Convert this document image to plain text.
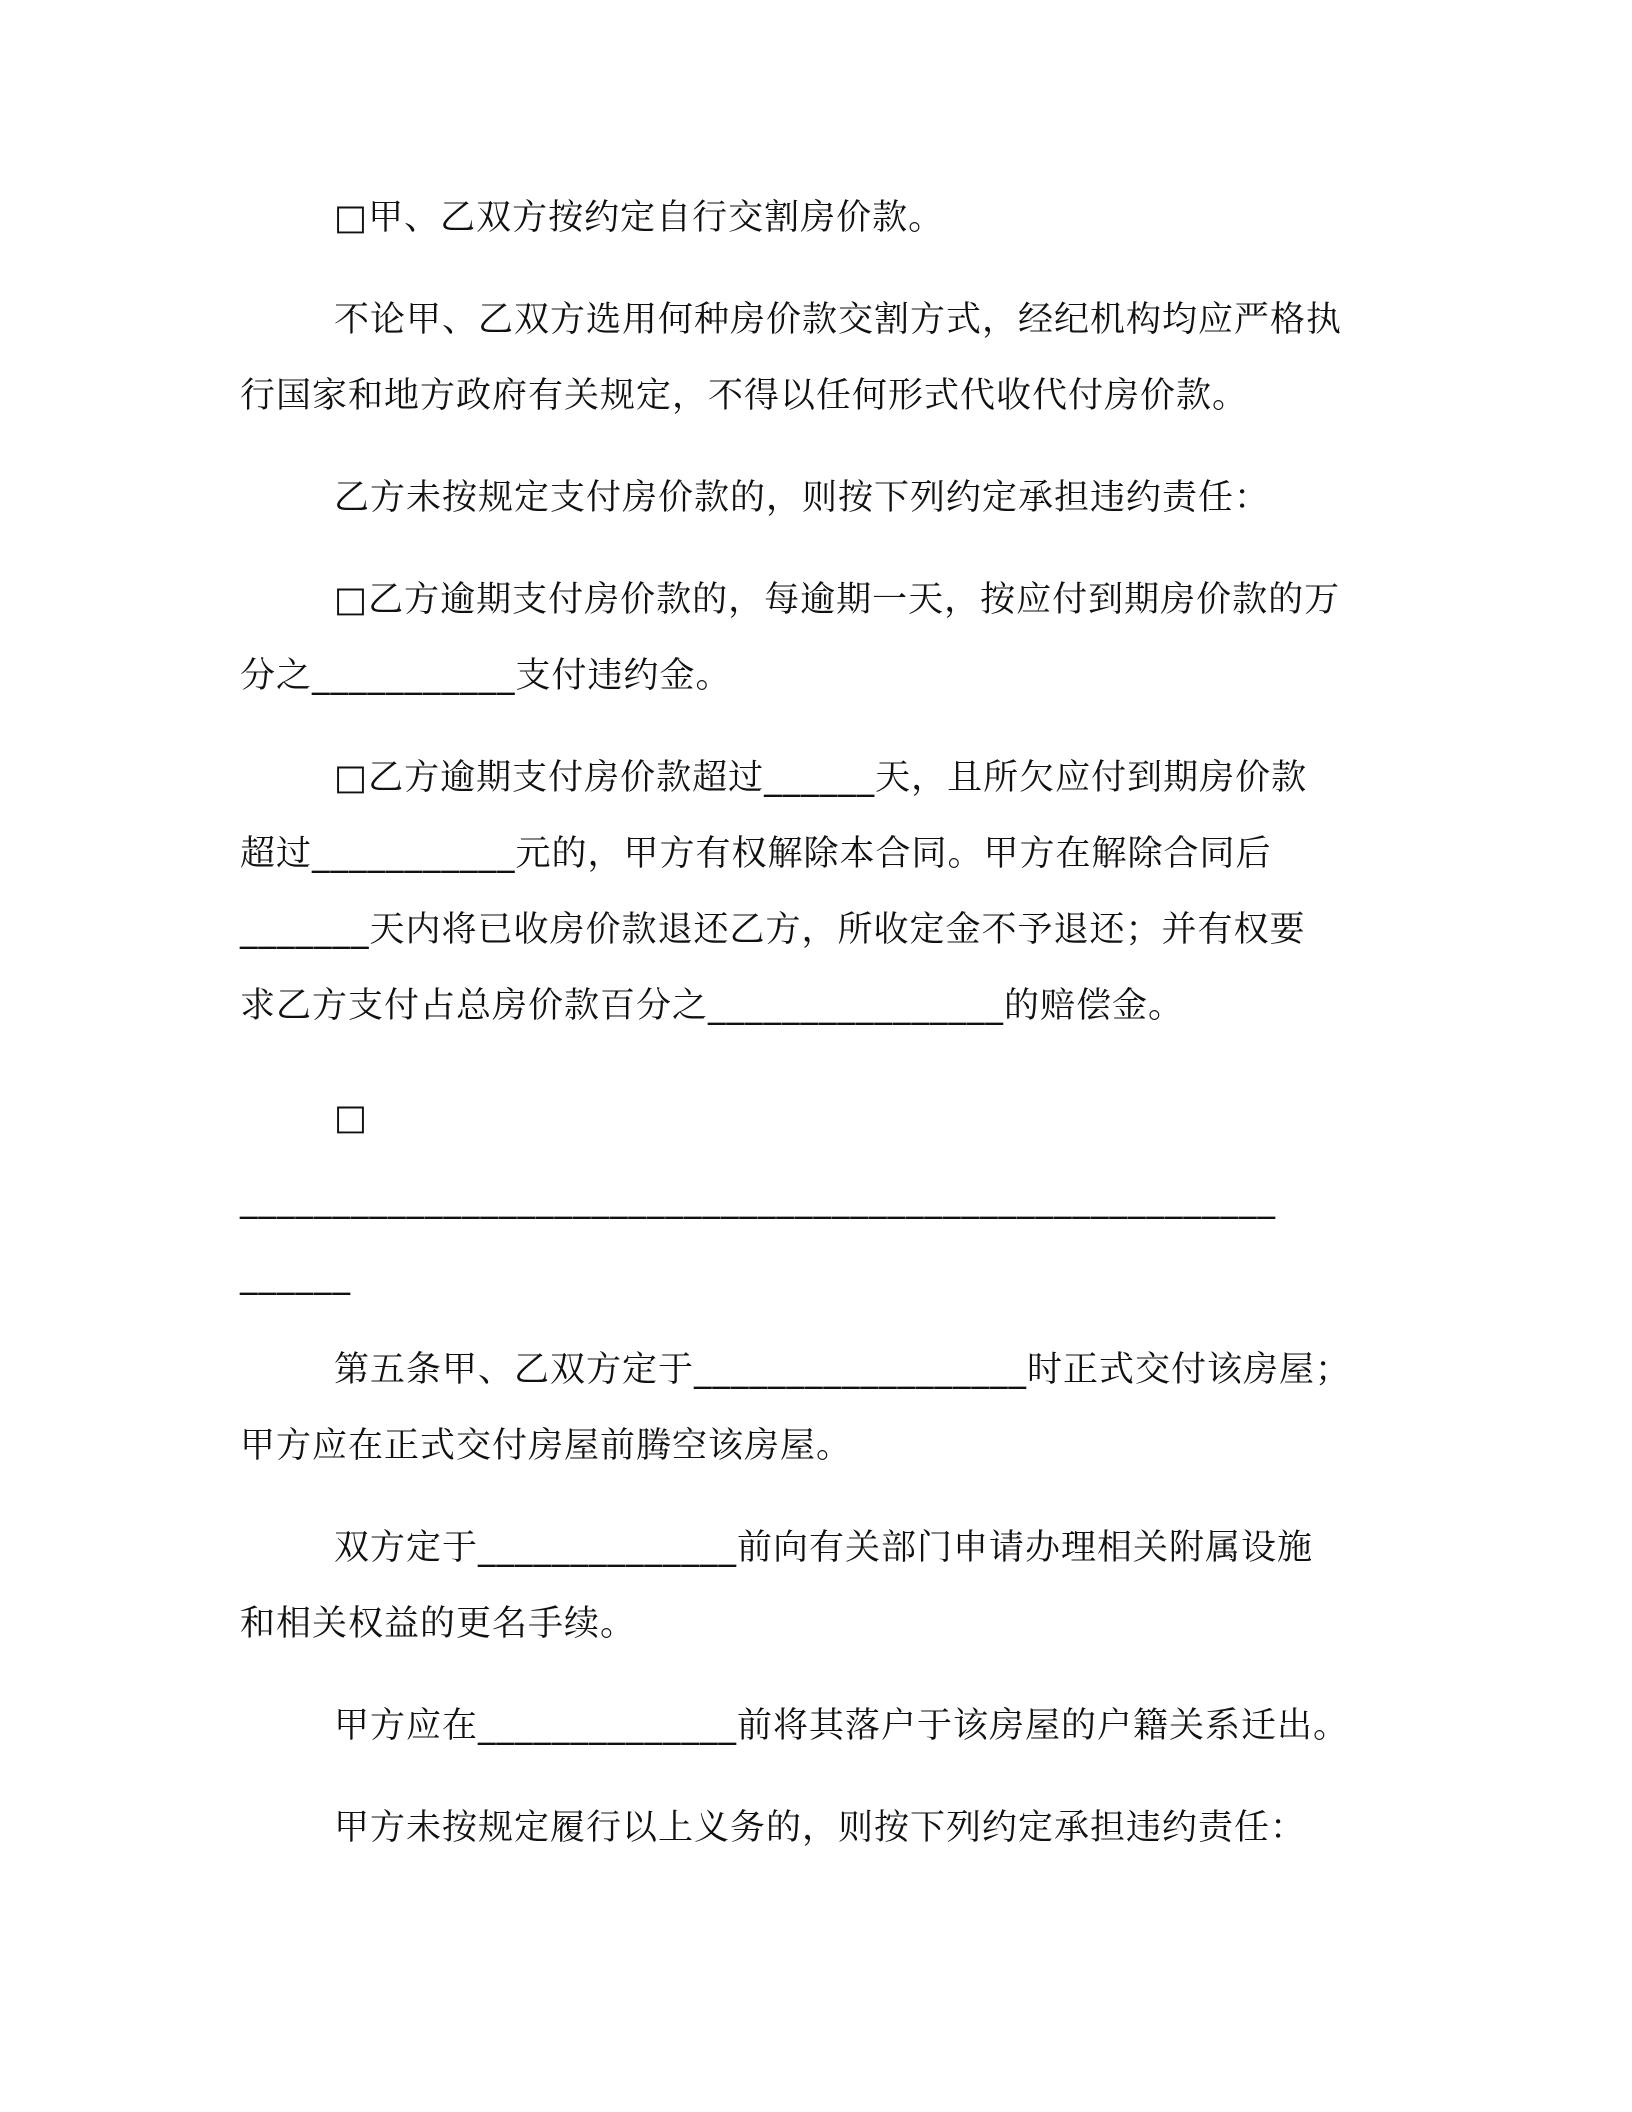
□甲、乙双方按约定自行交割房价款。
不论甲、乙双方选用何种房价款交割方式，经纪机构均应严格执
行国家和地方政府有关规定，不得以任何形式代收代付房价款。
乙方未按规定支付房价款的，则按下列约定承担违约责任：
□乙方逾期支付房价款的，每逾期一天，按应付到期房价款的万
分之___________支付违约金。
□乙方逾期支付房价款超过______天，且所欠应付到期房价款
超过___________元的，甲方有权解除本合同。甲方在解除合同后
_______天内将已收房价款退还乙方，所收定金不予退还；并有权要
求乙方支付占总房价款百分之________________的赔偿金。
□
________________________________________________________
______
第五条甲、乙双方定于__________________时正式交付该房屋；
甲方应在正式交付房屋前腾空该房屋。
双方定于______________前向有关部门申请办理相关附属设施
和相关权益的更名手续。
甲方应在______________前将其落户于该房屋的户籍关系迁出。
甲方未按规定履行以上义务的，则按下列约定承担违约责任：
